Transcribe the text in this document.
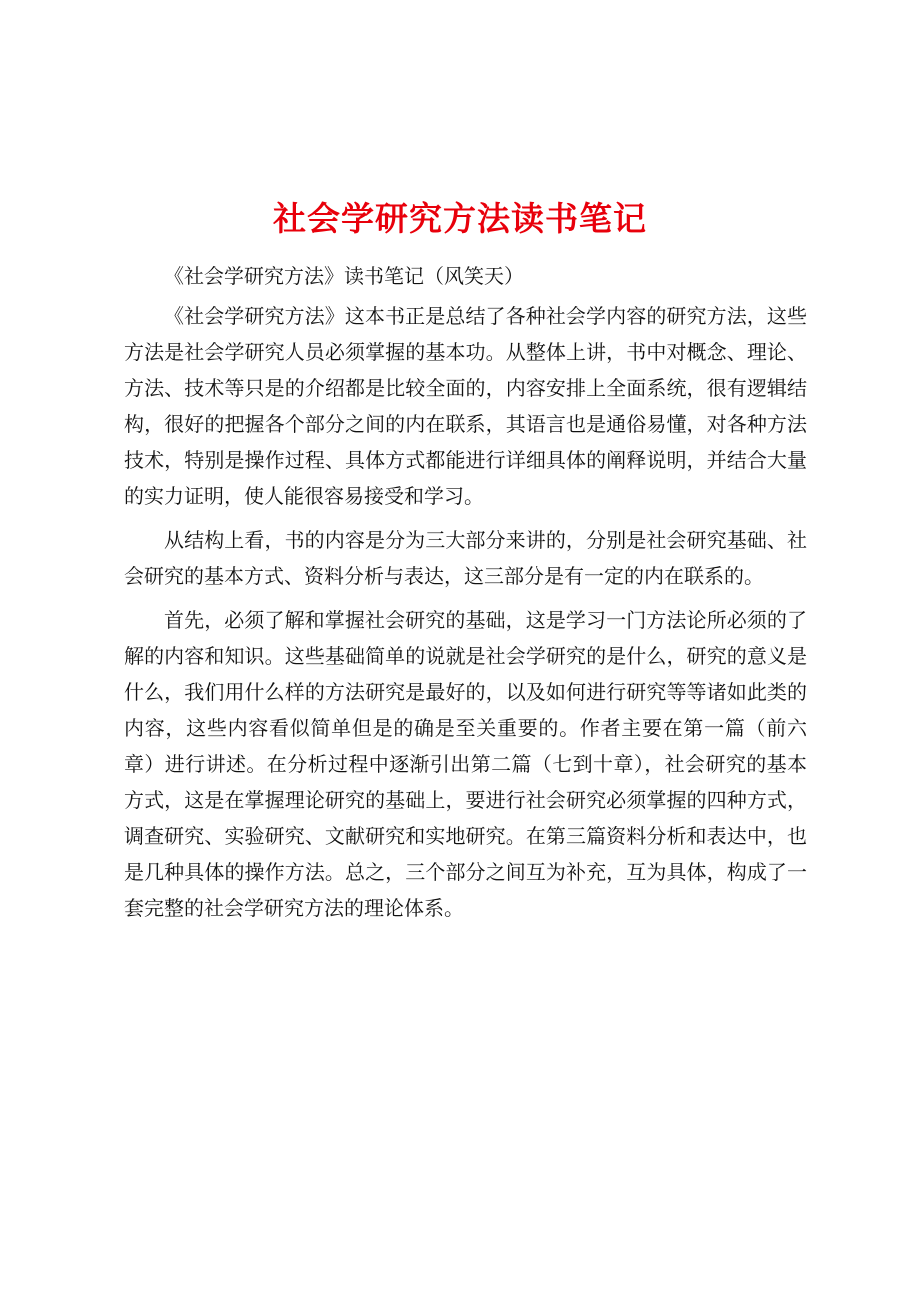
社会学研究方法读书笔记

《社会学研究方法》读书笔记（风笑天）

《社会学研究方法》这本书正是总结了各种社会学内容的研究方法，这些方法是社会学研究人员必须掌握的基本功。从整体上讲，书中对概念、理论、方法、技术等只是的介绍都是比较全面的，内容安排上全面系统，很有逻辑结构，很好的把握各个部分之间的内在联系，其语言也是通俗易懂，对各种方法技术，特别是操作过程、具体方式都能进行详细具体的阐释说明，并结合大量的实力证明，使人能很容易接受和学习。

从结构上看，书的内容是分为三大部分来讲的，分别是社会研究基础、社会研究的基本方式、资料分析与表达，这三部分是有一定的内在联系的。

首先，必须了解和掌握社会研究的基础，这是学习一门方法论所必须的了解的内容和知识。这些基础简单的说就是社会学研究的是什么，研究的意义是什么，我们用什么样的方法研究是最好的，以及如何进行研究等等诸如此类的内容，这些内容看似简单但是的确是至关重要的。作者主要在第一篇（前六章）进行讲述。在分析过程中逐渐引出第二篇（七到十章），社会研究的基本方式，这是在掌握理论研究的基础上，要进行社会研究必须掌握的四种方式，调查研究、实验研究、文献研究和实地研究。在第三篇资料分析和表达中，也是几种具体的操作方法。总之，三个部分之间互为补充，互为具体，构成了一套完整的社会学研究方法的理论体系。
